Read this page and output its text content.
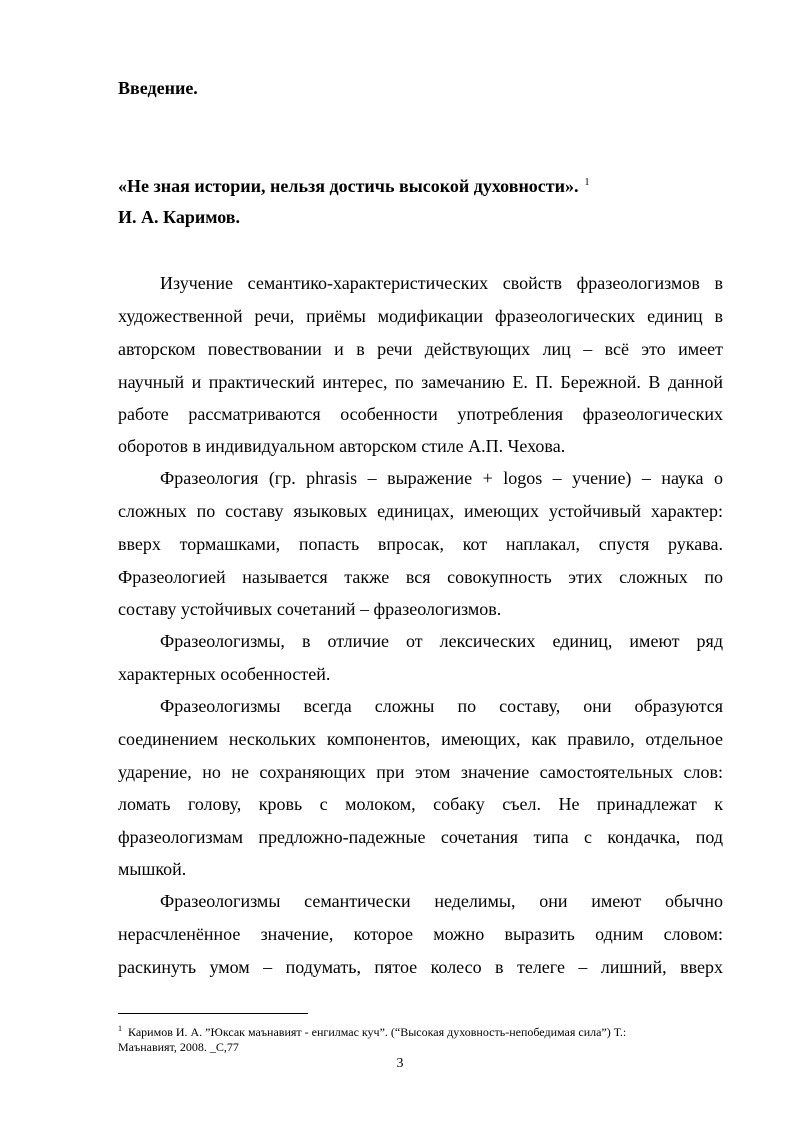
Введение.
«Не зная истории, нельзя достичь высокой духовности». $^1$
И. А. Каримов.
Изучение семантико-характеристических свойств фразеологизмов в
художественной речи, приёмы модификации фразеологических единиц в
авторском повествовании и в речи действующих лиц – всё это имеет
научный и практический интерес, по замечанию Е. П. Бережной. В данной
работе рассматриваются особенности употребления фразеологических
оборотов в индивидуальном авторском стиле А.П. Чехова.
Фразеология (гр. phrasis – выражение + logos – учение) – наука о
сложных по составу языковых единицах, имеющих устойчивый характер:
вверх тормашками, попасть впросак, кот наплакал, спустя рукава.
Фразеологией называется также вся совокупность этих сложных по
составу устойчивых сочетаний – фразеологизмов.
Фразеологизмы, в отличие от лексических единиц, имеют ряд
характерных особенностей.
Фразеологизмы всегда сложны по составу, они образуются
соединением нескольких компонентов, имеющих, как правило, отдельное
ударение, но не сохраняющих при этом значение самостоятельных слов:
ломать голову, кровь с молоком, собаку съел. Не принадлежат к
фразеологизмам предложно-падежные сочетания типа с кондачка, под
мышкой.
Фразеологизмы семантически неделимы, они имеют обычно
нерасчленённое значение, которое можно выразить одним словом:
раскинуть умом – подумать, пятое колесо в телеге – лишний, вверх
$^1$ Каримов И. А. ”Юксак маънавият - енгилмас куч”. (“Высокая духовность-непобедимая сила”) Т.:
Маънавият, 2008. _С,77
3
